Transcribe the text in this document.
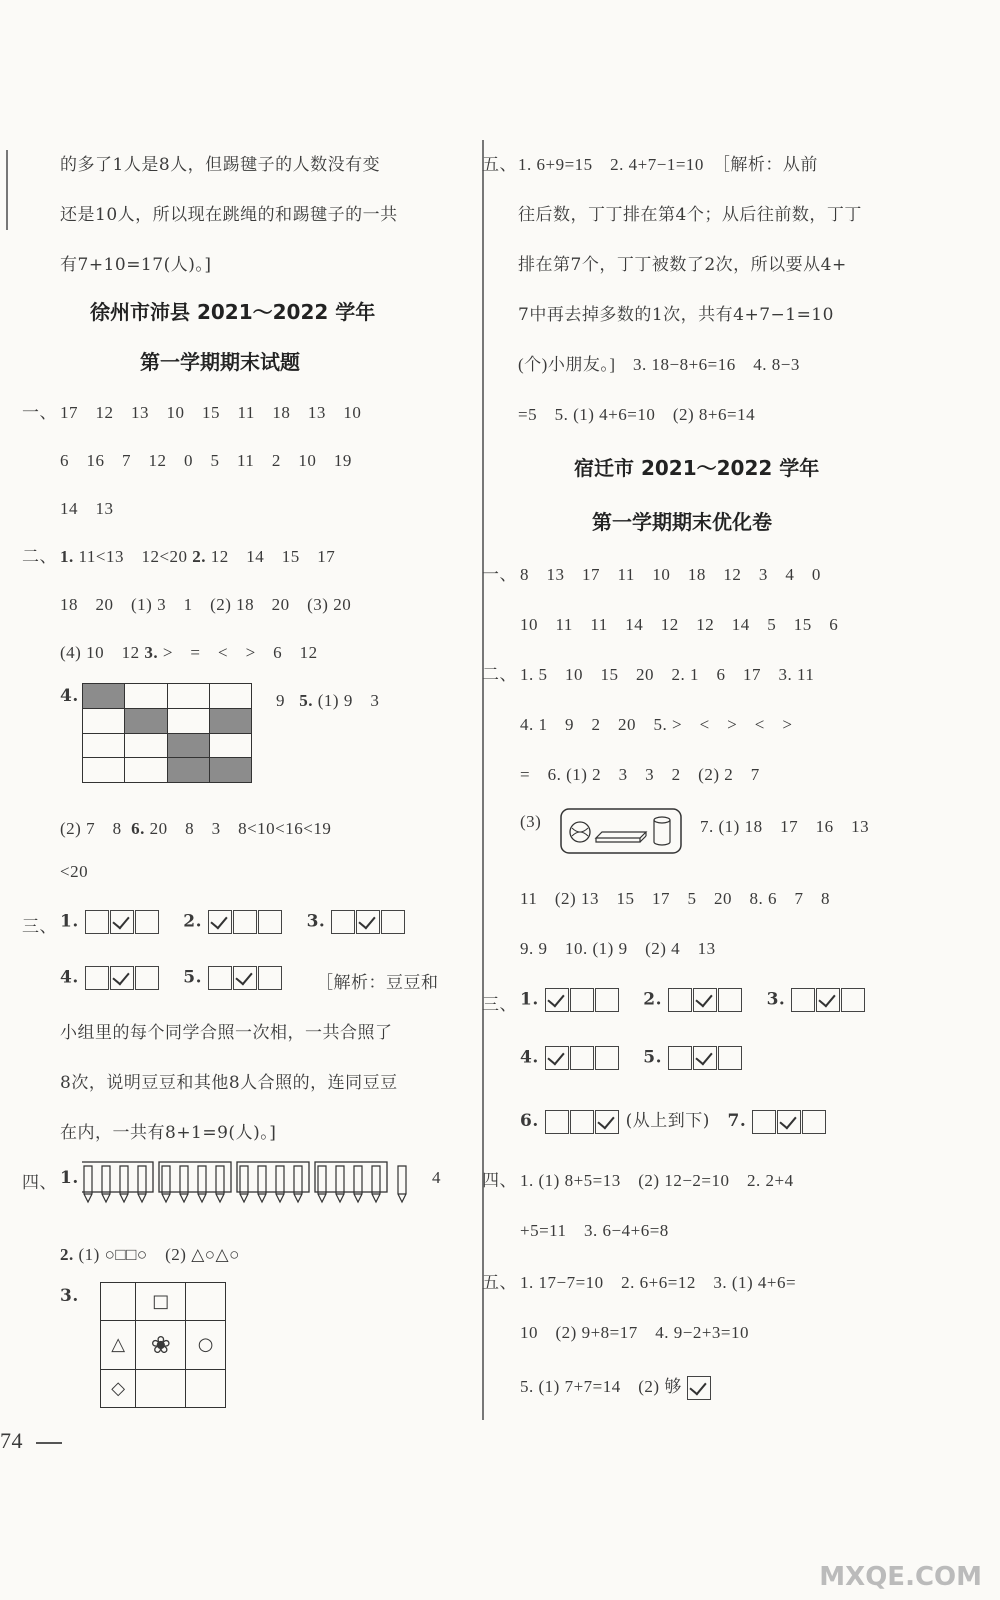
的多了1人是8人，但踢毽子的人数没有变
还是10人，所以现在跳绳的和踢毽子的一共
有7+10=17(人)。]
徐州市沛县 2021～2022 学年
第一学期期末试题
一、 17　12　13　10　15　11　18　13　10
6　16　7　12　0　5　11　2　10　19
14　13
二、 1. 11<13　12<20 2. 12　14　15　17
18　20　(1) 3　1　(2) 18　20　(3) 20
(4) 10　12 3. >　=　<　>　6　12
4.

				9 5. (1) 9　3
(2) 7　8 6. 20　8　3　8<10<16<19
<20
三、 1.	2.	3.
4.	5.	［解析：豆豆和
小组里的每个同学合照一次相，一共合照了
8次，说明豆豆和其他8人合照的，连同豆豆
在内，一共有8+1=9(人)。]
四、 1.	4
2. (1) ○□□○　(2) △○△○
3.
		□	
△	❀	○
◇		
74
五、 1. 6+9=15　2. 4+7−1=10　［解析：从前
往后数，丁丁排在第4个；从后往前数，丁丁
排在第7个，丁丁被数了2次，所以要从4+
7中再去掉多数的1次，共有4+7−1=10
(个)小朋友。]　3. 18−8+6=16　4. 8−3
=5　5. (1) 4+6=10　(2) 8+6=14
宿迁市 2021～2022 学年
第一学期期末优化卷
一、 8　13　17　11　10　18　12　3　4　0
10　11　11　14　12　12　14　5　15　6
二、 1. 5　10　15　20　2. 1　6　17　3. 11
4. 1　9　2　20　5. >　<　>　<　>
=　6. (1) 2　3　3　2　(2) 2　7
(3)	7. (1) 18　17　16　13
11　(2) 13　15　17　5　20　8. 6　7　8
9. 9　10. (1) 9　(2) 4　13
三、 1.	2.	3.
4.	5.
6.	(从上到下) 7.
四、 1. (1) 8+5=13　(2) 12−2=10　2. 2+4
+5=11　3. 6−4+6=8
五、 1. 17−7=10　2. 6+6=12　3. (1) 4+6=
10　(2) 9+8=17　4. 9−2+3=10
5. (1) 7+7=14　(2) 够
MXQE.COM
